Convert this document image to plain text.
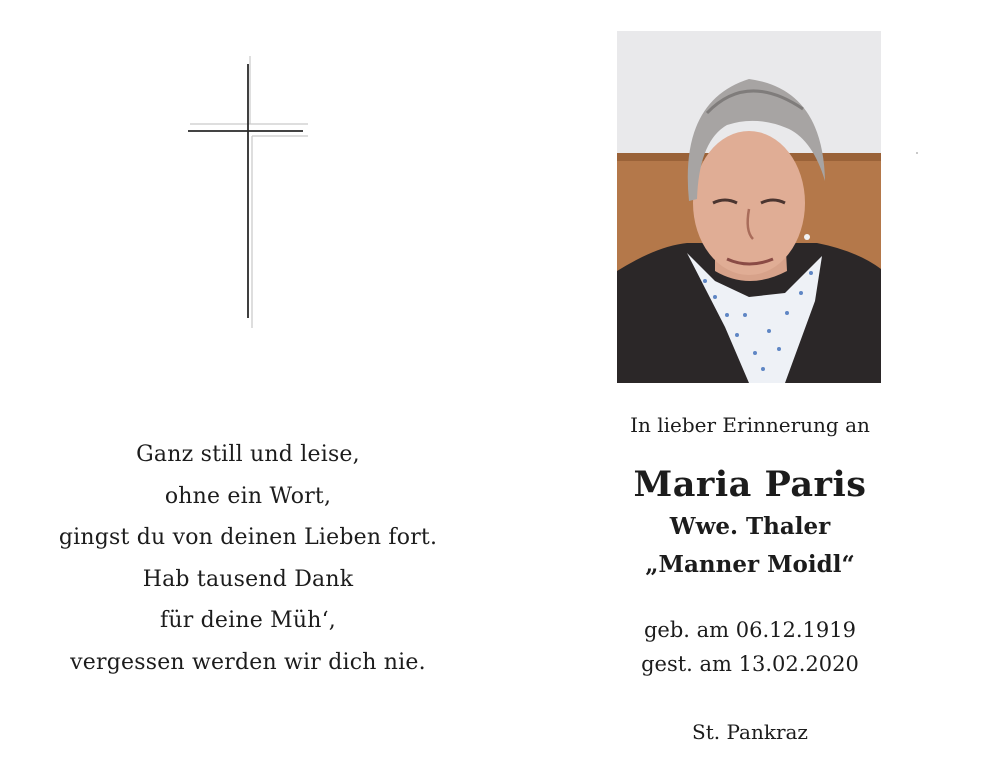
Ganz still und leise,
ohne ein Wort,
gingst du von deinen Lieben fort.
Hab tausend Dank
für deine Müh‘,
vergessen werden wir dich nie.
In lieber Erinnerung an
Maria Paris
Wwe. Thaler
„Manner Moidl“
geb. am 06.12.1919
gest. am 13.02.2020
St. Pankraz
